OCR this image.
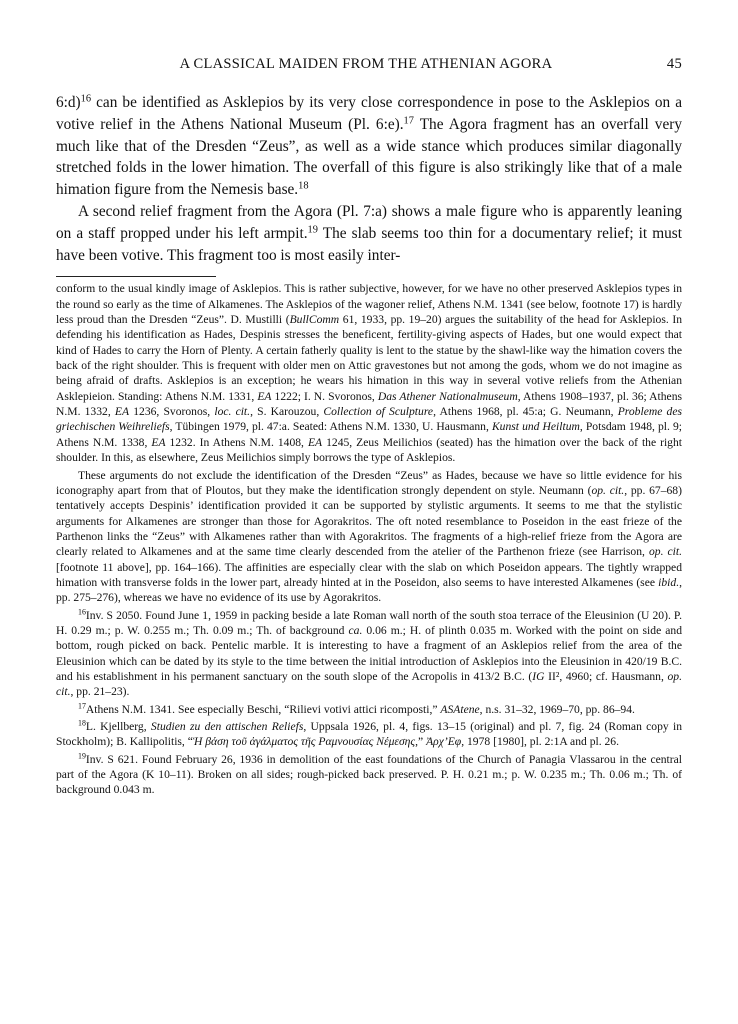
A CLASSICAL MAIDEN FROM THE ATHENIAN AGORA	45

6:d)$^{16}$ can be identified as Asklepios by its very close correspondence in pose to the Asklepios on a votive relief in the Athens National Museum (Pl. 6:e).$^{17}$ The Agora fragment has an overfall very much like that of the Dresden “Zeus”, as well as a wide stance which produces similar diagonally stretched folds in the lower himation. The overfall of this figure is also strikingly like that of a male himation figure from the Nemesis base.$^{18}$

A second relief fragment from the Agora (Pl. 7:a) shows a male figure who is apparently leaning on a staff propped under his left armpit.$^{19}$ The slab seems too thin for a documentary relief; it must have been votive. This fragment too is most easily inter-

conform to the usual kindly image of Asklepios. This is rather subjective, however, for we have no other preserved Asklepios types in the round so early as the time of Alkamenes. The Asklepios of the wagoner relief, Athens N.M. 1341 (see below, footnote 17) is hardly less proud than the Dresden “Zeus”. D. Mustilli (BullComm 61, 1933, pp. 19–20) argues the suitability of the head for Asklepios. In defending his identification as Hades, Despinis stresses the beneficent, fertility-giving aspects of Hades, but one would expect that kind of Hades to carry the Horn of Plenty. A certain fatherly quality is lent to the statue by the shawl-like way the himation covers the back of the right shoulder. This is frequent with older men on Attic gravestones but not among the gods, whom we do not imagine as being afraid of drafts. Asklepios is an exception; he wears his himation in this way in several votive reliefs from the Athenian Asklepieion. Standing: Athens N.M. 1331, EA 1222; I. N. Svoronos, Das Athener Nationalmuseum, Athens 1908–1937, pl. 36; Athens N.M. 1332, EA 1236, Svoronos, loc. cit., S. Karouzou, Collection of Sculpture, Athens 1968, pl. 45:a; G. Neumann, Probleme des griechischen Weihreliefs, Tübingen 1979, pl. 47:a. Seated: Athens N.M. 1330, U. Hausmann, Kunst und Heiltum, Potsdam 1948, pl. 9; Athens N.M. 1338, EA 1232. In Athens N.M. 1408, EA 1245, Zeus Meilichios (seated) has the himation over the back of the right shoulder. In this, as elsewhere, Zeus Meilichios simply borrows the type of Asklepios.

These arguments do not exclude the identification of the Dresden “Zeus” as Hades, because we have so little evidence for his iconography apart from that of Ploutos, but they make the identification strongly dependent on style. Neumann (op. cit., pp. 67–68) tentatively accepts Despinis’ identification provided it can be supported by stylistic arguments. It seems to me that the stylistic arguments for Alkamenes are stronger than those for Agorakritos. The oft noted resemblance to Poseidon in the east frieze of the Parthenon links the “Zeus” with Alkamenes rather than with Agorakritos. The fragments of a high-relief frieze from the Agora are clearly related to Alkamenes and at the same time clearly descended from the atelier of the Parthenon frieze (see Harrison, op. cit. [footnote 11 above], pp. 164–166). The affinities are especially clear with the slab on which Poseidon appears. The tightly wrapped himation with transverse folds in the lower part, already hinted at in the Poseidon, also seems to have interested Alkamenes (see ibid., pp. 275–276), whereas we have no evidence of its use by Agorakritos.

$^{16}$Inv. S 2050. Found June 1, 1959 in packing beside a late Roman wall north of the south stoa terrace of the Eleusinion (U 20). P. H. 0.29 m.; p. W. 0.255 m.; Th. 0.09 m.; Th. of background ca. 0.06 m.; H. of plinth 0.035 m. Worked with the point on side and bottom, rough picked on back. Pentelic marble. It is interesting to have a fragment of an Asklepios relief from the area of the Eleusinion which can be dated by its style to the time between the initial introduction of Asklepios into the Eleusinion in 420/19 B.C. and his establishment in his permanent sanctuary on the south slope of the Acropolis in 413/2 B.C. (IG II², 4960; cf. Hausmann, op. cit., pp. 21–23).

$^{17}$Athens N.M. 1341. See especially Beschi, “Rilievi votivi attici ricomposti,” ASAtene, n.s. 31–32, 1969–70, pp. 86–94.

$^{18}$L. Kjellberg, Studien zu den attischen Reliefs, Uppsala 1926, pl. 4, figs. 13–15 (original) and pl. 7, fig. 24 (Roman copy in Stockholm); B. Kallipolitis, “Ἡ βάση τοῦ ἀγάλματος τῆς Ραμνουσίας Νέμεσης,” Ἀρχ’Εφ, 1978 [1980], pl. 2:1A and pl. 26.

$^{19}$Inv. S 621. Found February 26, 1936 in demolition of the east foundations of the Church of Panagia Vlassarou in the central part of the Agora (K 10–11). Broken on all sides; rough-picked back preserved. P. H. 0.21 m.; p. W. 0.235 m.; Th. 0.06 m.; Th. of background 0.043 m.
